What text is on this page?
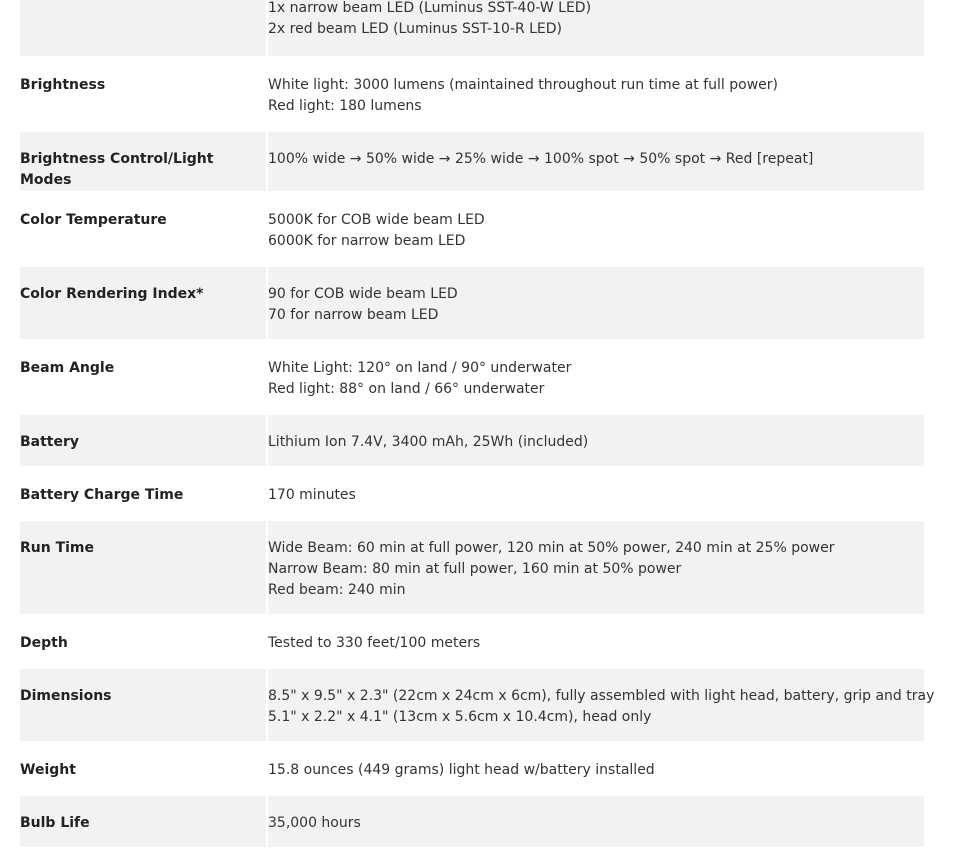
	1x narrow beam LED (Luminus SST-40-W LED)
2x red beam LED (Luminus SST-10-R LED)

Brightness	White light: 3000 lumens (maintained throughout run time at full power)
Red light: 180 lumens

Brightness Control/Light Modes	100% wide → 50% wide → 25% wide → 100% spot → 50% spot → Red [repeat]

Color Temperature	5000K for COB wide beam LED
6000K for narrow beam LED

Color Rendering Index*	90 for COB wide beam LED
70 for narrow beam LED

Beam Angle	White Light: 120° on land / 90° underwater
Red light: 88° on land / 66° underwater

Battery	Lithium Ion 7.4V, 3400 mAh, 25Wh (included)

Battery Charge Time	170 minutes

Run Time	Wide Beam: 60 min at full power, 120 min at 50% power, 240 min at 25% power
Narrow Beam: 80 min at full power, 160 min at 50% power
Red beam: 240 min

Depth	Tested to 330 feet/100 meters

Dimensions	8.5" x 9.5" x 2.3" (22cm x 24cm x 6cm), fully assembled with light head, battery, grip and tray
5.1" x 2.2" x 4.1" (13cm x 5.6cm x 10.4cm), head only

Weight	15.8 ounces (449 grams) light head w/battery installed

Bulb Life	35,000 hours
